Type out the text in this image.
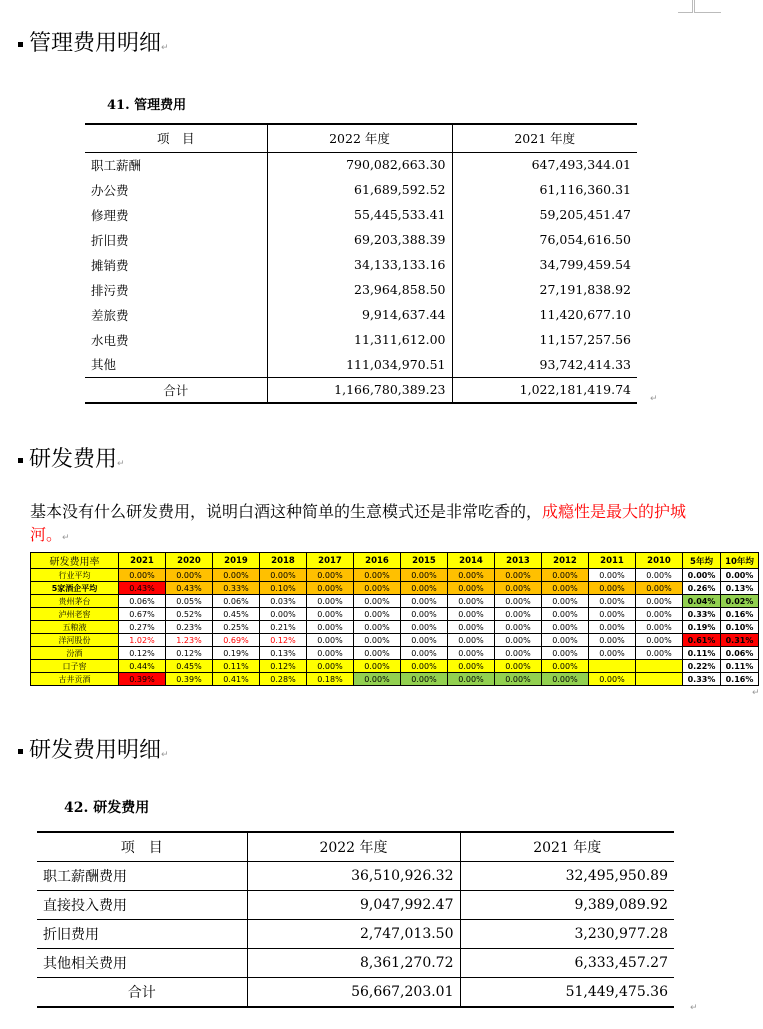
管理费用明细↵
41. 管理费用
项　目	2022 年度	2021 年度
职工薪酬	790,082,663.30	647,493,344.01
办公费	61,689,592.52	61,116,360.31
修理费	55,445,533.41	59,205,451.47
折旧费	69,203,388.39	76,054,616.50
摊销费	34,133,133.16	34,799,459.54
排污费	23,964,858.50	27,191,838.92
差旅费	9,914,637.44	11,420,677.10
水电费	11,311,612.00	11,157,257.56
其他	111,034,970.51	93,742,414.33
合计	1,166,780,389.23	1,022,181,419.74
↵
研发费用↵
基本没有什么研发费用，说明白酒这种简单的生意模式还是非常吃香的，成瘾性是最大的护城河。↵
研发费用率	2021	2020	2019	2018	2017	2016	2015	2014	2013	2012	2011	2010	5年均	10年均
行业平均	0.00%	0.00%	0.00%	0.00%	0.00%	0.00%	0.00%	0.00%	0.00%	0.00%	0.00%	0.00%	0.00%	0.00%
5家酒企平均	0.43%	0.43%	0.33%	0.10%	0.00%	0.00%	0.00%	0.00%	0.00%	0.00%	0.00%	0.00%	0.26%	0.13%
贵州茅台	0.06%	0.05%	0.06%	0.03%	0.00%	0.00%	0.00%	0.00%	0.00%	0.00%	0.00%	0.00%	0.04%	0.02%
泸州老窖	0.67%	0.52%	0.45%	0.00%	0.00%	0.00%	0.00%	0.00%	0.00%	0.00%	0.00%	0.00%	0.33%	0.16%
五粮液	0.27%	0.23%	0.25%	0.21%	0.00%	0.00%	0.00%	0.00%	0.00%	0.00%	0.00%	0.00%	0.19%	0.10%
洋河股份	1.02%	1.23%	0.69%	0.12%	0.00%	0.00%	0.00%	0.00%	0.00%	0.00%	0.00%	0.00%	0.61%	0.31%
汾酒	0.12%	0.12%	0.19%	0.13%	0.00%	0.00%	0.00%	0.00%	0.00%	0.00%	0.00%	0.00%	0.11%	0.06%
口子窖	0.44%	0.45%	0.11%	0.12%	0.00%	0.00%	0.00%	0.00%	0.00%	0.00%			0.22%	0.11%
古井贡酒	0.39%	0.39%	0.41%	0.28%	0.18%	0.00%	0.00%	0.00%	0.00%	0.00%	0.00%		0.33%	0.16%
↵
研发费用明细↵
42. 研发费用
项　目	2022 年度	2021 年度
职工薪酬费用	36,510,926.32	32,495,950.89
直接投入费用	9,047,992.47	9,389,089.92
折旧费用	2,747,013.50	3,230,977.28
其他相关费用	8,361,270.72	6,333,457.27
合计	56,667,203.01	51,449,475.36
↵
